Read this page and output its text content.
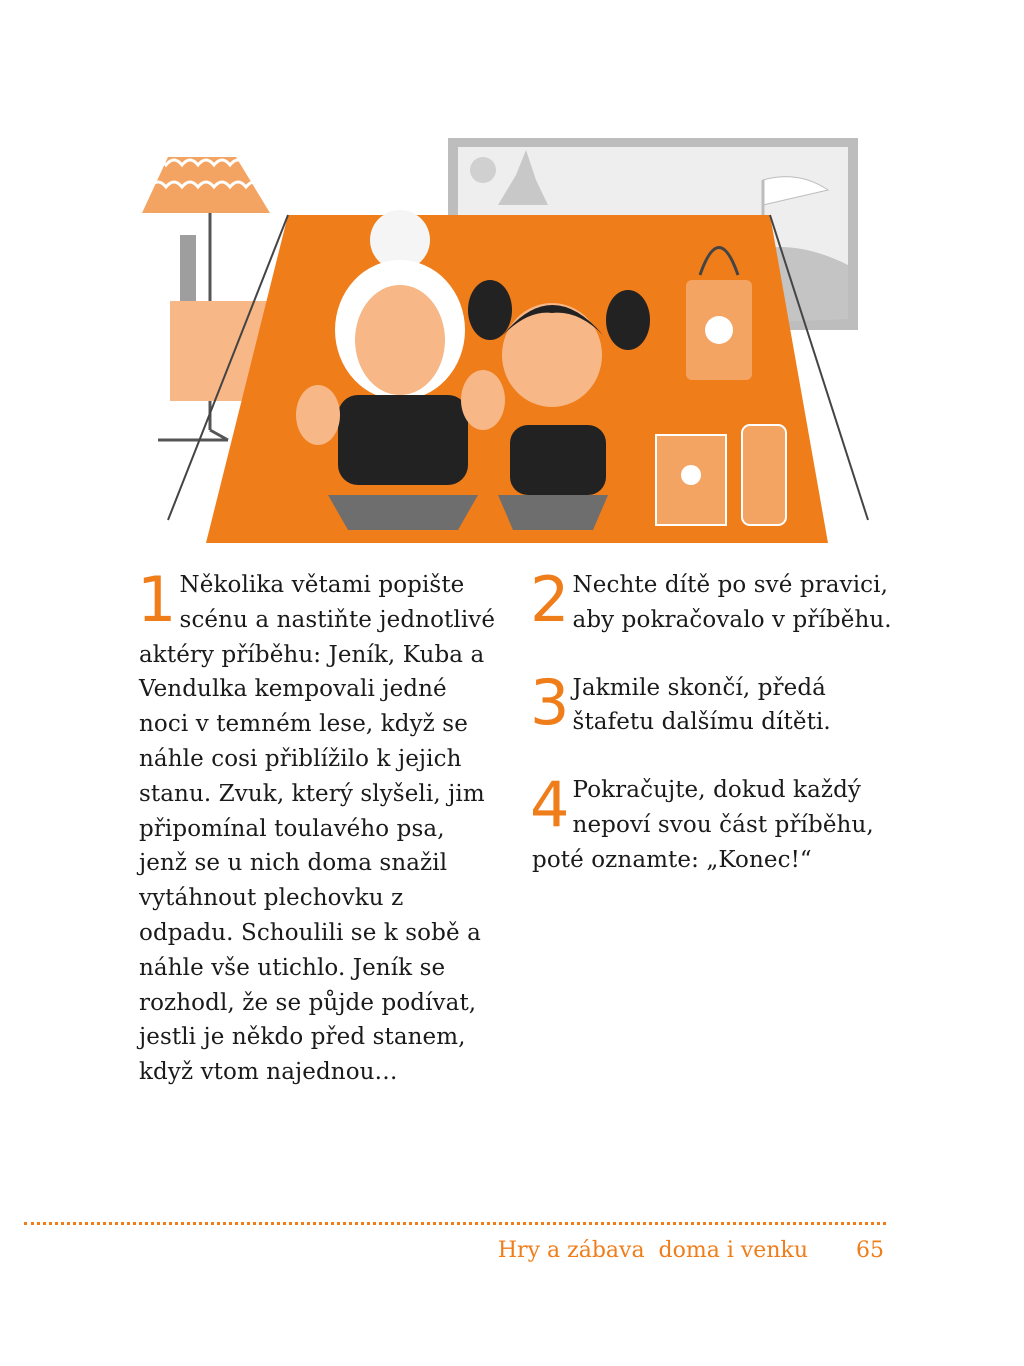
1 Několika větami popište scénu a nastiňte jednotlivé aktéry příběhu: Jeník, Kuba a Vendulka kempovali jedné noci v temném lese, když se náhle cosi přiblížilo k jejich stanu. Zvuk, který slyšeli, jim připomínal toulavého psa, jenž se u nich doma snažil vytáhnout plechovku z odpadu. Schoulili se k sobě a náhle vše utichlo. Jeník se rozhodl, že se půjde podívat, jestli je někdo před stanem, když vtom najednou…

2 Nechte dítě po své pravici, aby pokračovalo v příběhu.

3 Jakmile skončí, předá štafetu dalšímu dítěti.

4 Pokračujte, dokud každý nepoví svou část příběhu, poté oznamte: „Konec!“

Hry a zábava  doma i venku 65
